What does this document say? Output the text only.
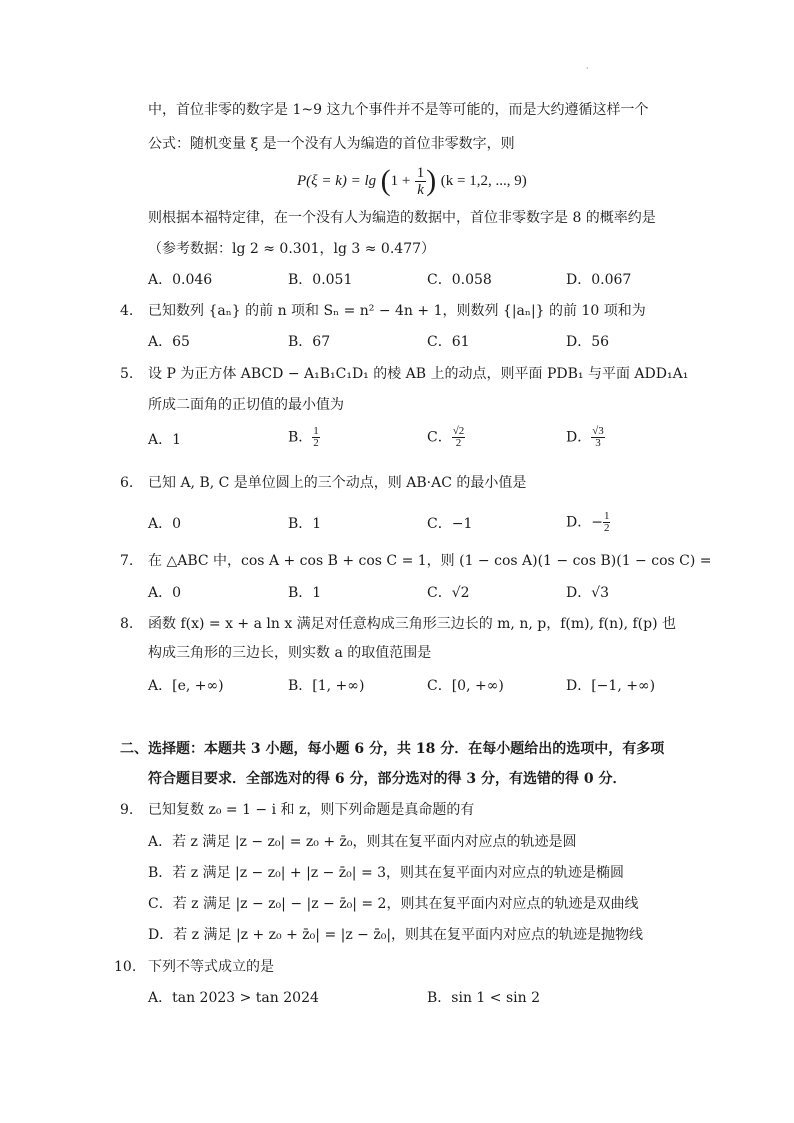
·
中，首位非零的数字是 1~9 这九个事件并不是等可能的，而是大约遵循这样一个
公式：随机变量 ξ 是一个没有人为编造的首位非零数字，则
$P(\xi = k) = \lg (1 + \frac{1}{k}$ ) (k = 1,2, ..., 9)
则根据本福特定律，在一个没有人为编造的数据中，首位非零数字是 8 的概率约是
（参考数据：lg 2 ≈ 0.301，lg 3 ≈ 0.477）
A．0.046	B．0.051	C．0.058	D．0.067
4. 已知数列 {aₙ} 的前 n 项和 Sₙ = n² − 4n + 1，则数列 {|aₙ|} 的前 10 项和为
A．65	B．67	C．61	D．56
5. 设 P 为正方体 ABCD − A₁B₁C₁D₁ 的棱 AB 上的动点，则平面 PDB₁ 与平面 ADD₁A₁
所成二面角的正切值的最小值为
A．1	B． $\frac{1}{2}$	C． $\frac{√2}{2}$	D． $\frac{√3}{3}$
6. 已知 A, B, C 是单位圆上的三个动点，则 AB·AC 的最小值是
A．0	B．1	C．−1	D．− $\frac{1}{2}$
7. 在 △ABC 中，cos A + cos B + cos C = 1，则 (1 − cos A)(1 − cos B)(1 − cos C) =
A．0	B．1	C．√2	D．√3
8. 函数 f(x) = x + a ln x 满足对任意构成三角形三边长的 m, n, p，f(m), f(n), f(p) 也
构成三角形的三边长，则实数 a 的取值范围是
A．[e, +∞)	B．[1, +∞)	C．[0, +∞)	D．[−1, +∞)
二、选择题：本题共 3 小题，每小题 6 分，共 18 分．在每小题给出的选项中，有多项
符合题目要求．全部选对的得 6 分，部分选对的得 3 分，有选错的得 0 分．
9. 已知复数 z₀ = 1 − i 和 z，则下列命题是真命题的有
A．若 z 满足 |z − z₀| = z₀ + z̄₀，则其在复平面内对应点的轨迹是圆
B．若 z 满足 |z − z₀| + |z − z̄₀| = 3，则其在复平面内对应点的轨迹是椭圆
C．若 z 满足 |z − z₀| − |z − z̄₀| = 2，则其在复平面内对应点的轨迹是双曲线
D．若 z 满足 |z + z₀ + z̄₀| = |z − z̄₀|，则其在复平面内对应点的轨迹是抛物线
10. 下列不等式成立的是
A．tan 2023 > tan 2024	B．sin 1 < sin 2
